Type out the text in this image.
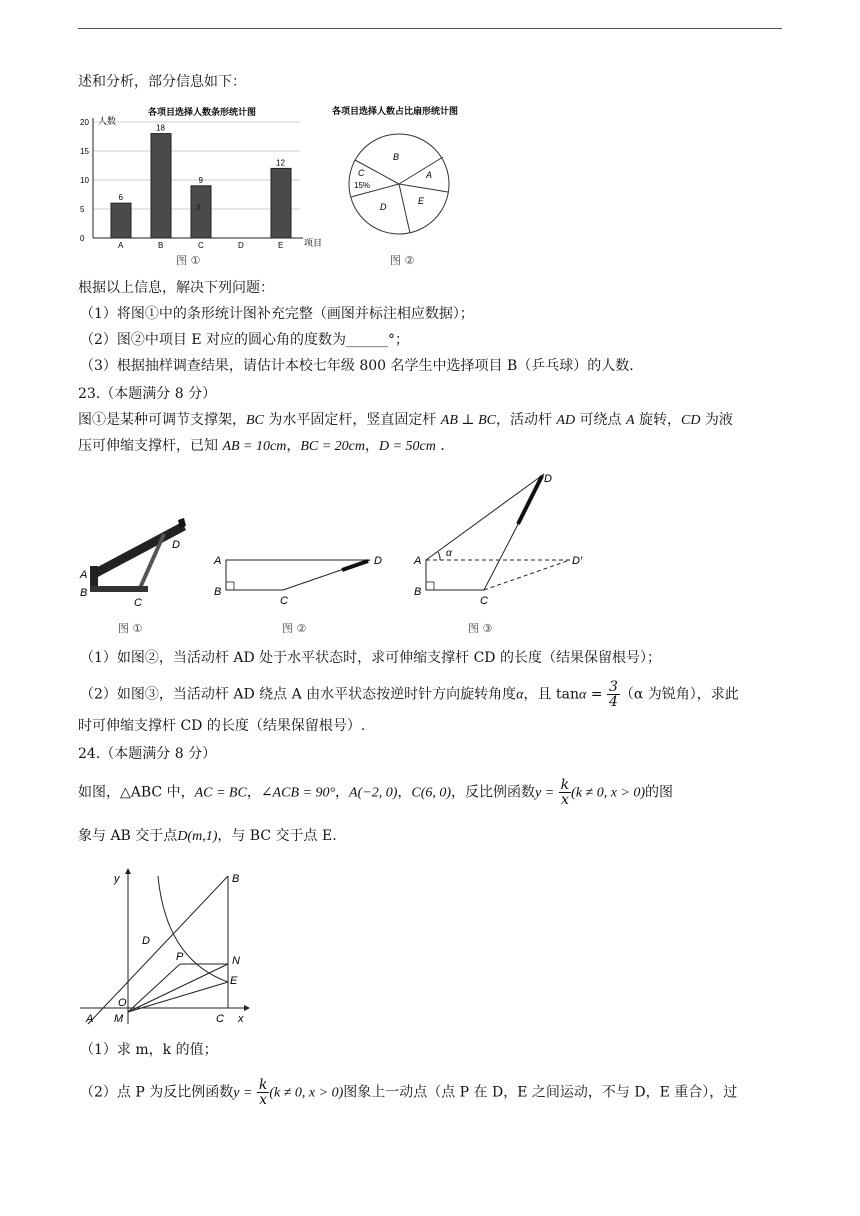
述和分析，部分信息如下：
各项目选择人数条形统计图
人数
项目
0
5
10
15
20
A	B	C	D	E
6
18
9
12
3
图 ①
各项目选择人数占比扇形统计图
B
A
E
D
C
15%
图 ②
根据以上信息，解决下列问题：
（1）将图①中的条形统计图补充完整（画图并标注相应数据）；
（2）图②中项目 E 对应的圆心角的度数为______°；
（3）根据抽样调查结果，请估计本校七年级 800 名学生中选择项目 B（乒乓球）的人数.
23.（本题满分 8 分）
图①是某种可调节支撑架，BC 为水平固定杆，竖直固定杆 AB ⊥ BC，活动杆 AD 可绕点 A 旋转，CD 为液
压可伸缩支撑杆，已知 AB = 10cm，BC = 20cm，D = 50cm .
D
A
B
C
图 ①
A
B
C
D
图 ②
α
A
B
C
D
D′
图 ③
（1）如图②，当活动杆 AD 处于水平状态时，求可伸缩支撑杆 CD 的长度（结果保留根号）；
（2）如图③，当活动杆 AD 绕点 A 由水平状态按逆时针方向旋转角度α，且 $\tan\alpha = \frac{3}{4} (\alpha$ 为锐角），求此
时可伸缩支撑杆 CD 的长度（结果保留根号）.
24.（本题满分 8 分）
如图，△ABC 中，AC = BC，∠ACB = 90°，A(−2, 0)，C(6, 0)，反比例函数$y = \frac{k}{x} (k \ne 0$, x > 0)的图
象与 AB 交于点D(m,1)，与 BC 交于点 E.
y
x
B
D
P	N
E
O
A M	C
（1）求 m，k 的值；
（2）点 P 为反比例函数$y = \frac{k}{x} (k \ne 0$, x > 0)图象上一动点（点 P 在 D，E 之间运动，不与 D，E 重合），过
